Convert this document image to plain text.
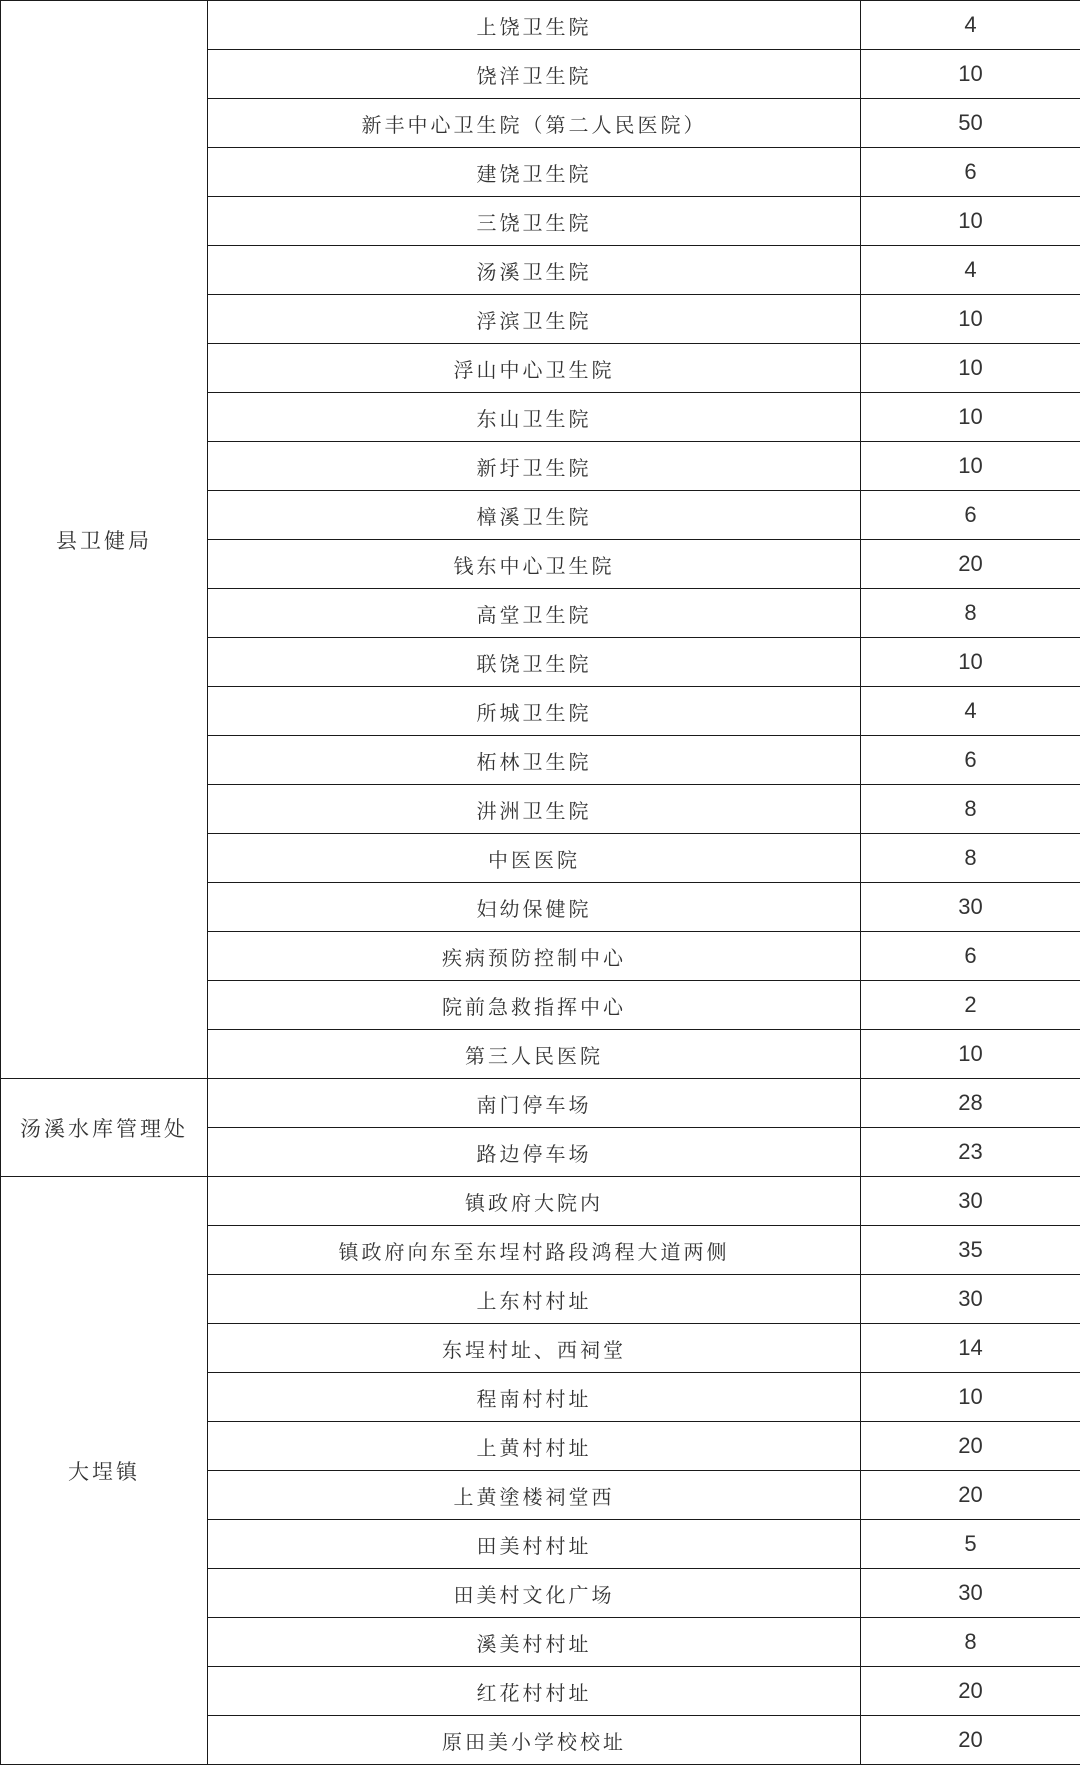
县卫健局	上饶卫生院	4
	饶洋卫生院	10
	新丰中心卫生院（第二人民医院）	50
	建饶卫生院	6
	三饶卫生院	10
	汤溪卫生院	4
	浮滨卫生院	10
	浮山中心卫生院	10
	东山卫生院	10
	新圩卫生院	10
	樟溪卫生院	6
	钱东中心卫生院	20
	高堂卫生院	8
	联饶卫生院	10
	所城卫生院	4
	柘林卫生院	6
	汫洲卫生院	8
	中医医院	8
	妇幼保健院	30
	疾病预防控制中心	6
	院前急救指挥中心	2
	第三人民医院	10
汤溪水库管理处	南门停车场	28
	路边停车场	23
大埕镇	镇政府大院内	30
	镇政府向东至东埕村路段鸿程大道两侧	35
	上东村村址	30
	东埕村址、西祠堂	14
	程南村村址	10
	上黄村村址	20
	上黄塗楼祠堂西	20
	田美村村址	5
	田美村文化广场	30
	溪美村村址	8
	红花村村址	20
	原田美小学校校址	20
